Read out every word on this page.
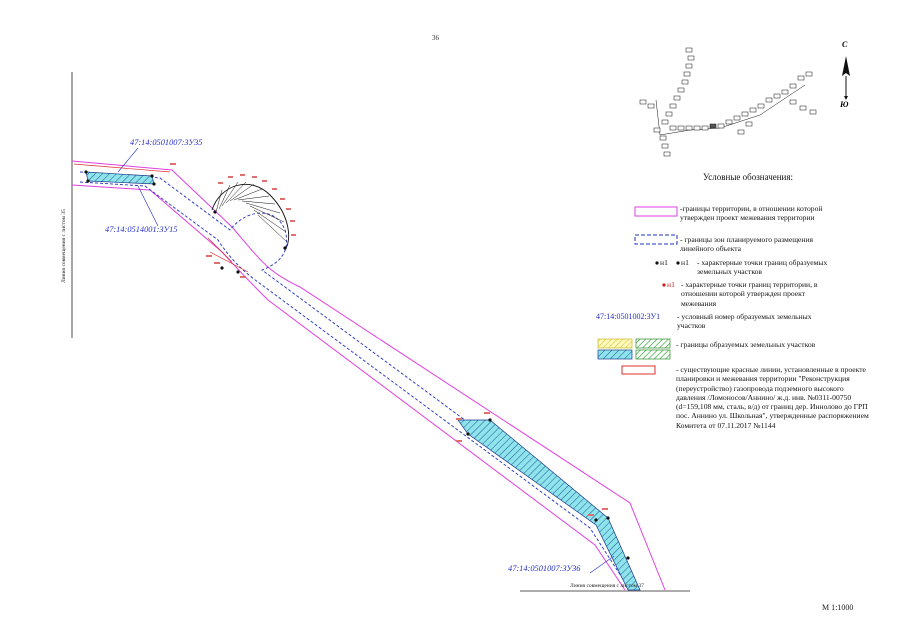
36
С
Ю
47:14:0501007:ЗУ35
47:14:0514001:ЗУ15
47:14:0501007:ЗУ36
Линия совмещения с листом 35
Линия совмещения с листом 37
Условные обозначения:
-границы территории, в отношении которой утвержден проект межевания территории
- границы зон планируемого размещения линейного объекта
н1 н1 - характерные точки границ образуемых земельных участков
н1 - характерные точки границ территории, в отношении которой утвержден проект межевания
47:14:0501002:ЗУ1 - условный номер образуемых земельных участков
- границы образуемых земельных участков
- существующие красные линии, установленные в проекте планировки и межевания территории "Реконструкция (переустройство) газопровода подземного высокого давления /Ломоносов/Аннино/ ж.д. инв. №0311-00750 (d=159,108 мм, сталь, в/д) от границ дер. Иннолово до ГРП пос. Аннино ул. Школьная", утвержденные распоряжением Комитета от 07.11.2017 №1144
М 1:1000
